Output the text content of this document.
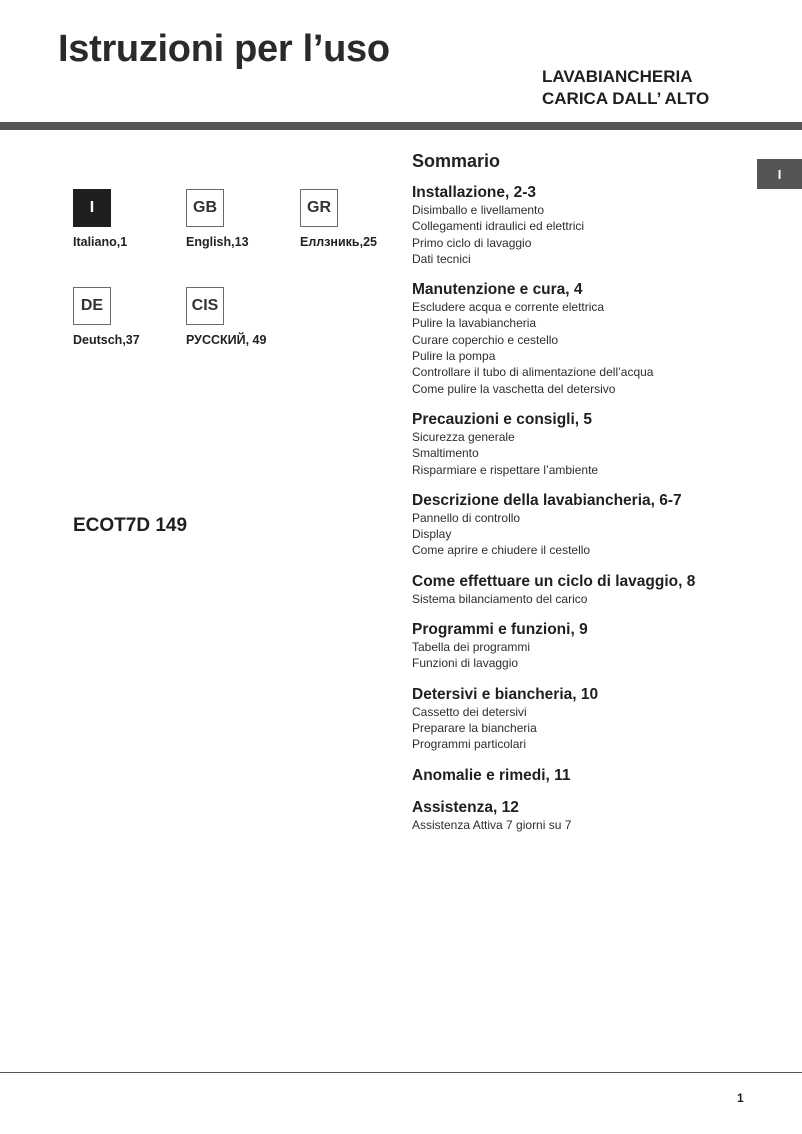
Istruzioni per l’uso
LAVABIANCHERIA
CARICA DALL’ ALTO
I
I
Italiano,1
GB
English,13
GR
Еллзникь,25
DE
Deutsch,37
CIS
РУССКИЙ, 49
ECOT7D 149
Sommario
Installazione, 2-3
Disimballo e livellamento
Collegamenti idraulici ed elettrici
Primo ciclo di lavaggio
Dati tecnici
Manutenzione e cura, 4
Escludere acqua e corrente elettrica
Pulire la lavabiancheria
Curare coperchio e cestello
Pulire la pompa
Controllare il tubo di alimentazione dell’acqua
Come pulire la vaschetta del detersivo
Precauzioni e consigli, 5
Sicurezza generale
Smaltimento
Risparmiare e rispettare l’ambiente
Descrizione della lavabiancheria, 6-7
Pannello di controllo
Display
Come aprire e chiudere il cestello
Come effettuare un ciclo di lavaggio, 8
Sistema bilanciamento del carico
Programmi e funzioni, 9
Tabella dei programmi
Funzioni di lavaggio
Detersivi e biancheria, 10
Cassetto dei detersivi
Preparare la biancheria
Programmi particolari
Anomalie e rimedi, 11
Assistenza, 12
Assistenza Attiva 7 giorni su 7
1
